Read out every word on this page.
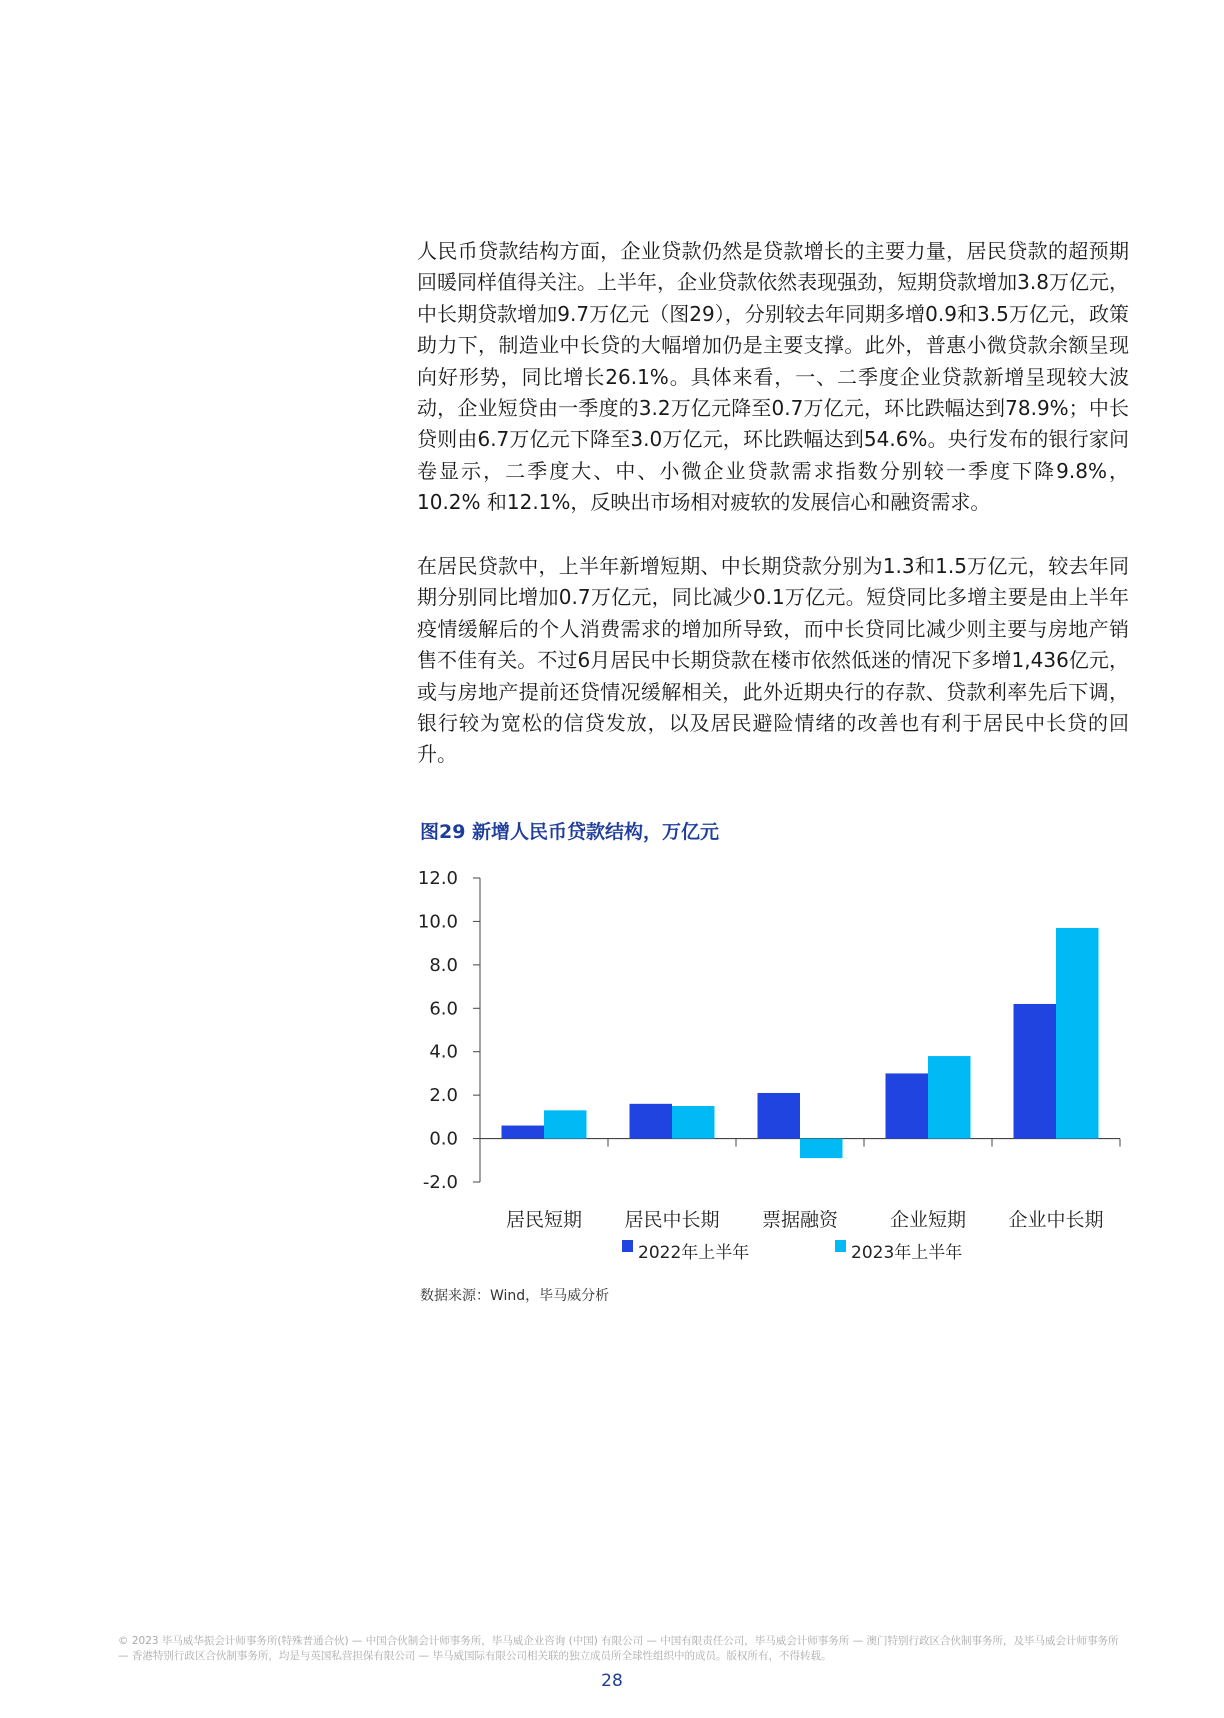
人民币贷款结构方面，企业贷款仍然是贷款增长的主要力量，居民贷款的超预期回暖同样值得关注。上半年，企业贷款依然表现强劲，短期贷款增加3.8万亿元，中长期贷款增加9.7万亿元（图29），分别较去年同期多增0.9和3.5万亿元，政策助力下，制造业中长贷的大幅增加仍是主要支撑。此外，普惠小微贷款余额呈现向好形势，同比增长26.1%。具体来看，一、二季度企业贷款新增呈现较大波动，企业短贷由一季度的3.2万亿元降至0.7万亿元，环比跌幅达到78.9%；中长贷则由6.7万亿元下降至3.0万亿元，环比跌幅达到54.6%。央行发布的银行家问卷显示，二季度大、中、小微企业贷款需求指数分别较一季度下降9.8%，10.2% 和12.1%，反映出市场相对疲软的发展信心和融资需求。

在居民贷款中，上半年新增短期、中长期贷款分别为1.3和1.5万亿元，较去年同期分别同比增加0.7万亿元，同比减少0.1万亿元。短贷同比多增主要是由上半年疫情缓解后的个人消费需求的增加所导致，而中长贷同比减少则主要与房地产销售不佳有关。不过6月居民中长期贷款在楼市依然低迷的情况下多增1,436亿元，或与房地产提前还贷情况缓解相关，此外近期央行的存款、贷款利率先后下调，银行较为宽松的信贷发放，以及居民避险情绪的改善也有利于居民中长贷的回升。

图29 新增人民币贷款结构，万亿元
-2.0
0.0
2.0
4.0
6.0
8.0
10.0
12.0
居民短期 居民中长期 票据融资	企业短期 企业中长期
2022年上半年	2023年上半年
数据来源：Wind，毕马威分析
© 2023 毕马威华振会计师事务所(特殊普通合伙) — 中国合伙制会计师事务所，毕马威企业咨询 (中国) 有限公司 — 中国有限责任公司，毕马威会计师事务所 — 澳门特别行政区合伙制事务所，及毕马威会计师事务所 — 香港特别行政区合伙制事务所，均是与英国私营担保有限公司 — 毕马威国际有限公司相关联的独立成员所全球性组织中的成员。版权所有，不得转载。
28
